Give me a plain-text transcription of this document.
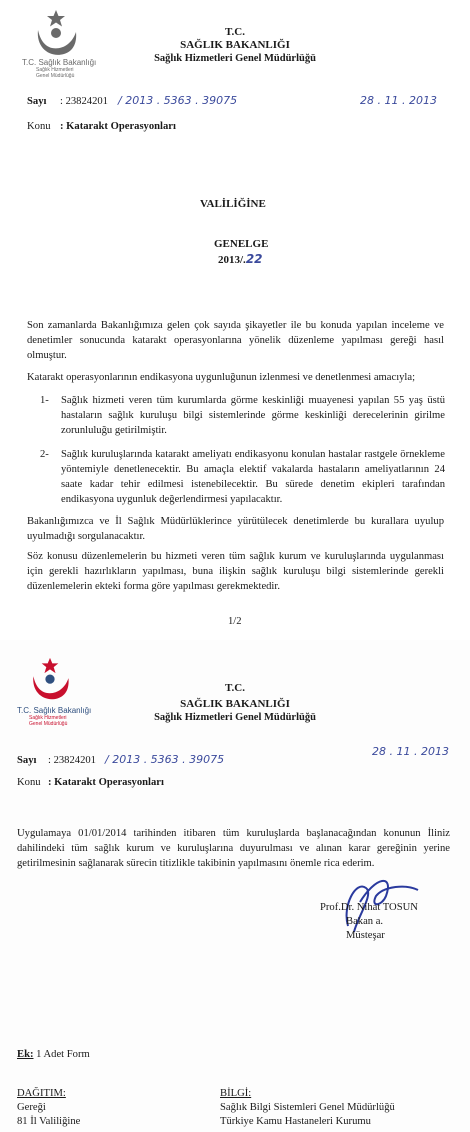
T.C. Sağlık Bakanlığı
Sağlık Hizmetleri
Genel Müdürlüğü
T.C.
SAĞLIK BAKANLIĞI
Sağlık Hizmetleri Genel Müdürlüğü
Sayı : 23824201 / 2013 . 5363 . 39075	28 . 11 . 2013
Konu : Katarakt Operasyonları
VALİLİĞİNE
GENELGE
2013/.22
Son zamanlarda Bakanlığımıza gelen çok sayıda şikayetler ile bu konuda yapılan inceleme ve denetimler sonucunda katarakt operasyonlarına yönelik düzenleme yapılması gereği hasıl olmuştur.
Katarakt operasyonlarının endikasyona uygunluğunun izlenmesi ve denetlenmesi amacıyla;
1- Sağlık hizmeti veren tüm kurumlarda görme keskinliği muayenesi yapılan 55 yaş üstü hastaların sağlık kuruluşu bilgi sistemlerinde görme keskinliği derecelerinin girilme zorunluluğu getirilmiştir.
2- Sağlık kuruluşlarında katarakt ameliyatı endikasyonu konulan hastalar rastgele örnekleme yöntemiyle denetlenecektir. Bu amaçla elektif vakalarda hastaların ameliyatlarının 24 saate kadar tehir edilmesi istenebilecektir. Bu sürede denetim ekipleri tarafından endikasyona uygunluk değerlendirmesi yapılacaktır.
Bakanlığımızca ve İl Sağlık Müdürlüklerince yürütülecek denetimlerde bu kurallara uyulup uyulmadığı sorgulanacaktır.
Söz konusu düzenlemelerin bu hizmeti veren tüm sağlık kurum ve kuruluşlarında uygulanması için gerekli hazırlıkların yapılması, buna ilişkin sağlık kuruluşu bilgi sistemlerinde gerekli düzenlemelerin ekteki forma göre yapılması gerekmektedir.
1/2
T.C. Sağlık Bakanlığı
Sağlık Hizmetleri
Genel Müdürlüğü
T.C.
SAĞLIK BAKANLIĞI
Sağlık Hizmetleri Genel Müdürlüğü
Sayı : 23824201 / 2013 . 5363 . 39075
28 . 11 . 2013
Konu : Katarakt Operasyonları
Uygulamaya 01/01/2014 tarihinden itibaren tüm kuruluşlarda başlanacağından konunun İliniz dahilindeki tüm sağlık kurum ve kuruluşlarına duyurulması ve alınan karar gereğinin yerine getirilmesinin sağlanarak sürecin titizlikle takibinin yapılmasını önemle rica ederim.
Prof.Dr. Nihat TOSUN
Bakan a.
Müsteşar
Ek: 1 Adet Form
DAĞITIM:
Gereği
81 İl Valiliğine
BİLGİ:
Sağlık Bilgi Sistemleri Genel Müdürlüğü
Türkiye Kamu Hastaneleri Kurumu
